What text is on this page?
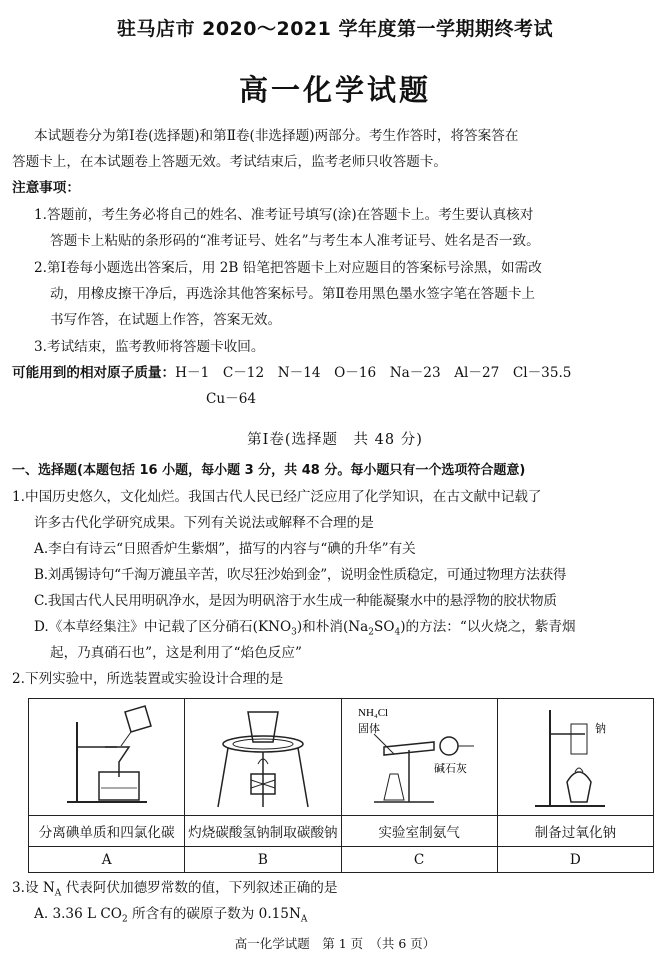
驻马店市 2020～2021 学年度第一学期期终考试
高一化学试题
本试题卷分为第Ⅰ卷(选择题)和第Ⅱ卷(非选择题)两部分。考生作答时，将答案答在
答题卡上，在本试题卷上答题无效。考试结束后，监考老师只收答题卡。
注意事项：
1.答题前，考生务必将自己的姓名、准考证号填写(涂)在答题卡上。考生要认真核对
答题卡上粘贴的条形码的“准考证号、姓名”与考生本人准考证号、姓名是否一致。
2.第Ⅰ卷每小题选出答案后，用 2B 铅笔把答题卡上对应题目的答案标号涂黑，如需改
动，用橡皮擦干净后，再选涂其他答案标号。第Ⅱ卷用黑色墨水签字笔在答题卡上
书写作答，在试题上作答，答案无效。
3.考试结束，监考教师将答题卡收回。
可能用到的相对原子质量：H－1　C－12　N－14　O－16　Na－23　Al－27　Cl－35.5
Cu－64
第Ⅰ卷(选择题　共 48 分)
一、选择题(本题包括 16 小题，每小题 3 分，共 48 分。每小题只有一个选项符合题意)
1.中国历史悠久，文化灿烂。我国古代人民已经广泛应用了化学知识，在古文献中记载了
许多古代化学研究成果。下列有关说法或解释不合理的是
A.李白有诗云“日照香炉生紫烟”，描写的内容与“碘的升华”有关
B.刘禹锡诗句“千淘万漉虽辛苦，吹尽狂沙始到金”，说明金性质稳定，可通过物理方法获得
C.我国古代人民用明矾净水，是因为明矾溶于水生成一种能凝聚水中的悬浮物的胶状物质
D.《本草经集注》中记载了区分硝石$(KNO_3)$和朴消$(Na_2SO_4)$的方法：“以火烧之，紫青烟
起，乃真硝石也”，这是利用了“焰色反应”
2.下列实验中，所选装置或实验设计合理的是

NH₄Cl
固体
碱石灰	钠

分离碘单质和四氯化碳	灼烧碳酸氢钠制取碳酸钠	实验室制氨气	制备过氧化钠
A	B	C	D
3.设 $N_A$ 代表阿伏加德罗常数的值，下列叙述正确的是
A. 3.36 L $CO_2$ 所含有的碳原子数为 $0.15N_A$
高一化学试题　第 1 页　（共 6 页）
